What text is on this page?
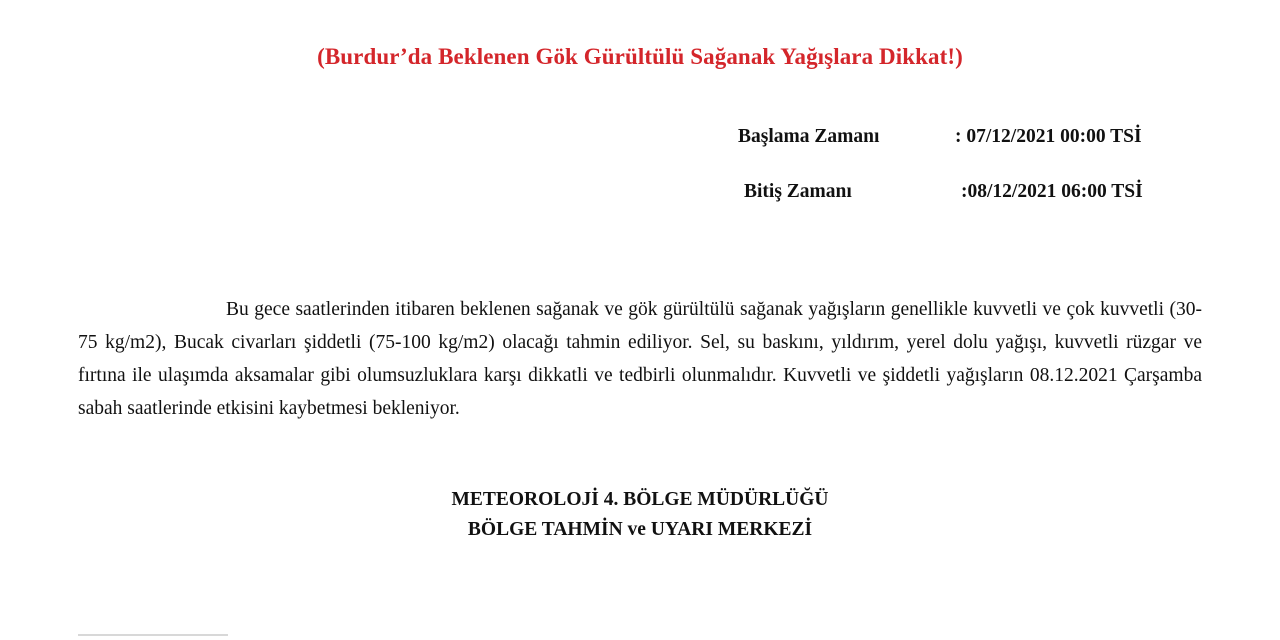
(Burdur’da Beklenen Gök Gürültülü Sağanak Yağışlara Dikkat!)
Başlama Zamanı	: 07/12/2021 00:00 TSİ
Bitiş Zamanı	:08/12/2021 06:00 TSİ
Bu gece saatlerinden itibaren beklenen sağanak ve gök gürültülü sağanak yağışların genellikle kuvvetli ve çok kuvvetli (30-75 kg/m2), Bucak civarları şiddetli (75-100 kg/m2) olacağı tahmin ediliyor. Sel, su baskını, yıldırım, yerel dolu yağışı, kuvvetli rüzgar ve fırtına ile ulaşımda aksamalar gibi olumsuzluklara karşı dikkatli ve tedbirli olunmalıdır. Kuvvetli ve şiddetli yağışların 08.12.2021 Çarşamba sabah saatlerinde etkisini kaybetmesi bekleniyor.
METEOROLOJİ 4. BÖLGE MÜDÜRLÜĞÜ
BÖLGE TAHMİN ve UYARI MERKEZİ
